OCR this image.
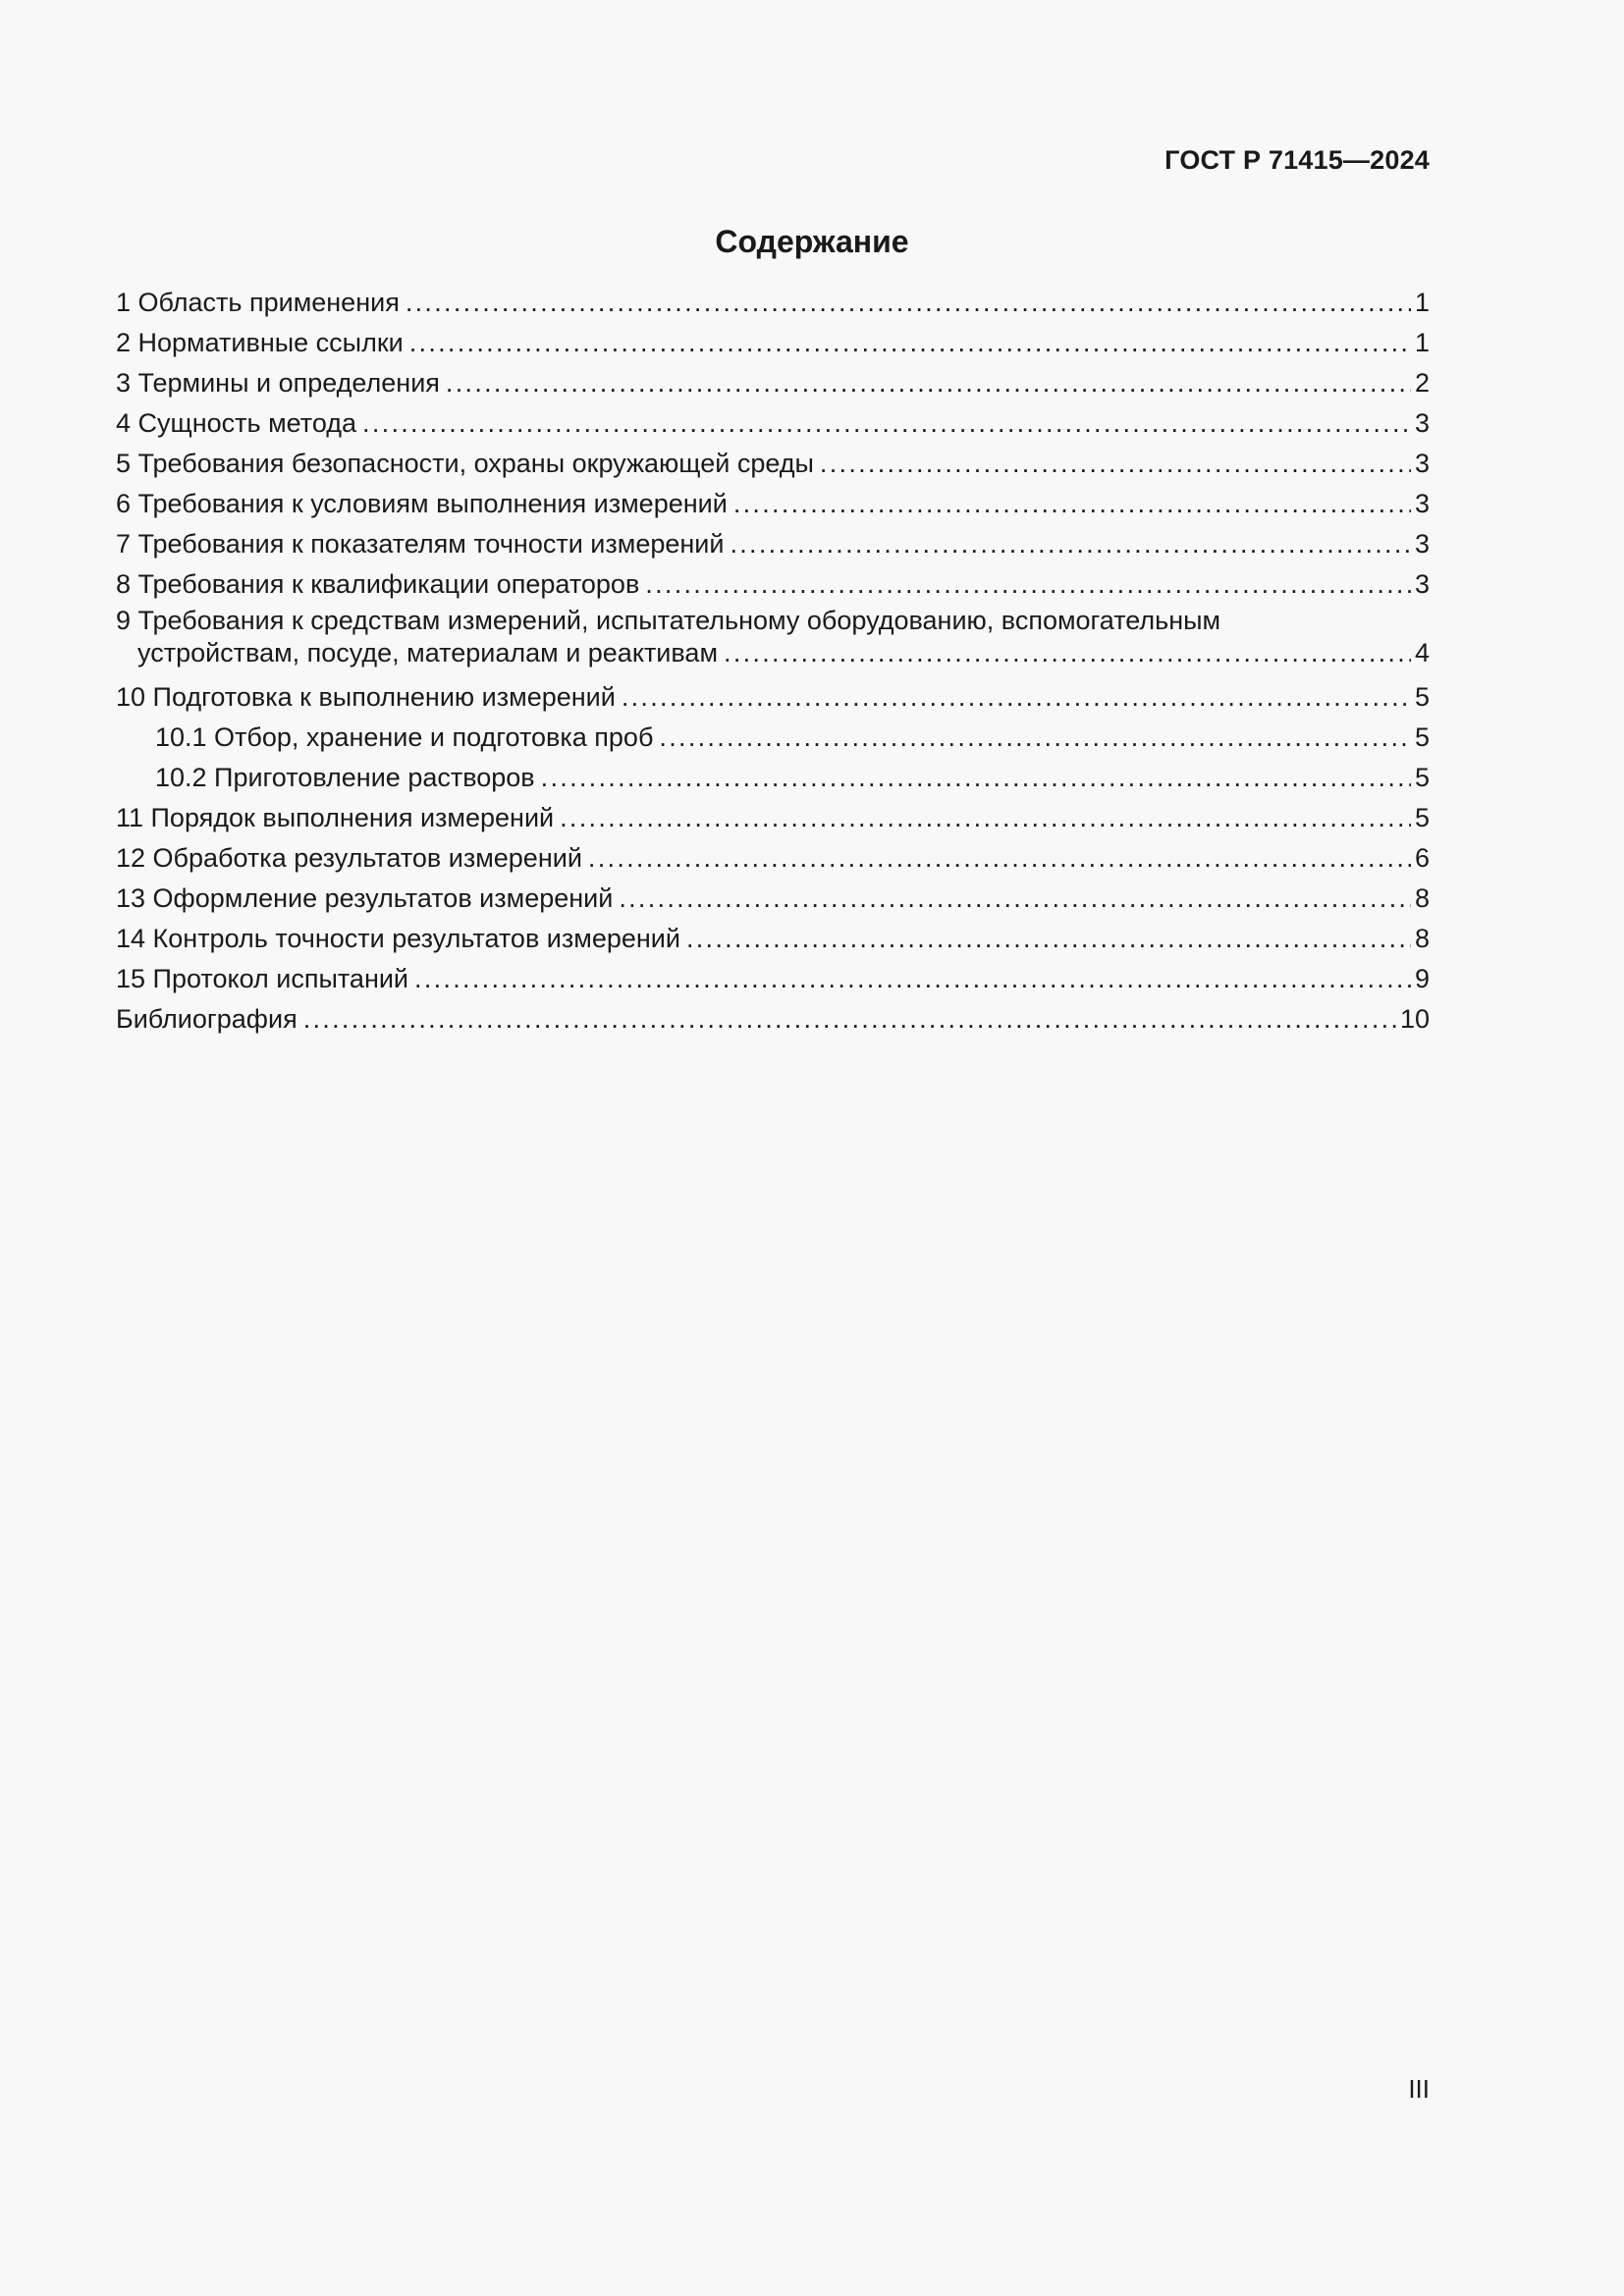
ГОСТ Р 71415—2024
Содержание
1 Область применения . . .	1
2 Нормативные ссылки . . .	1
3 Термины и определения . . .	2
4 Сущность метода . . .	3
5 Требования безопасности, охраны окружающей среды . . .	3
6 Требования к условиям выполнения измерений . . .	3
7 Требования к показателям точности измерений . . .	3
8 Требования к квалификации операторов . . .	3
9 Требования к средствам измерений, испытательному оборудованию, вспомогательным
устройствам, посуде, материалам и реактивам . . .	4
10 Подготовка к выполнению измерений . . .	5
10.1 Отбор, хранение и подготовка проб . . .	5
10.2 Приготовление растворов . . .	5
11 Порядок выполнения измерений . . .	5
12 Обработка результатов измерений . . .	6
13 Оформление результатов измерений . . .	8
14 Контроль точности результатов измерений . . .	8
15 Протокол испытаний . . .	9
Библиография . . .	10
III
